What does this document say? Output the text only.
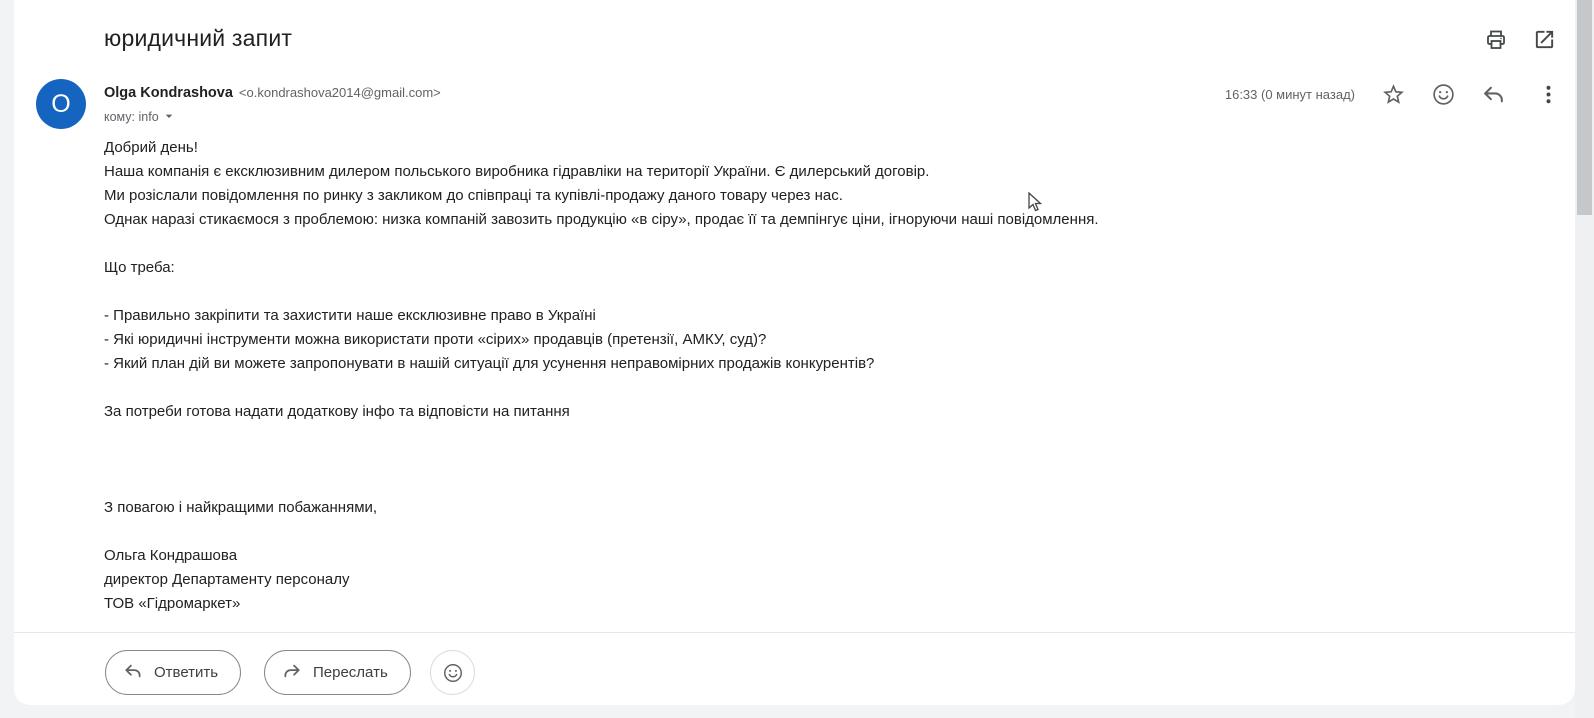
юридичний запит
O Olga Kondrashova <o.kondrashova2014@gmail.com>
кому: info
16:33 (0 минут назад)
Добрий день!
Наша компанія є ексклюзивним дилером польського виробника гідравліки на території України. Є дилерський договір.
Ми розіслали повідомлення по ринку з закликом до співпраці та купівлі-продажу даного товару через нас.
Однак наразі стикаємося з проблемою: низка компаній завозить продукцію «в сіру», продає її та демпінгує ціни, ігноруючи наші повідомлення.
Що треба:
- Правильно закріпити та захистити наше ексклюзивне право в Україні
- Які юридичні інструменти можна використати проти «сірих» продавців (претензії, АМКУ, суд)?
- Який план дій ви можете запропонувати в нашій ситуації для усунення неправомірних продажів конкурентів?
За потреби готова надати додаткову інфо та відповісти на питання
З повагою і найкращими побажаннями,
Ольга Кондрашова
директор Департаменту персоналу
ТОВ «Гідромаркет»
Ответить	Переслать
